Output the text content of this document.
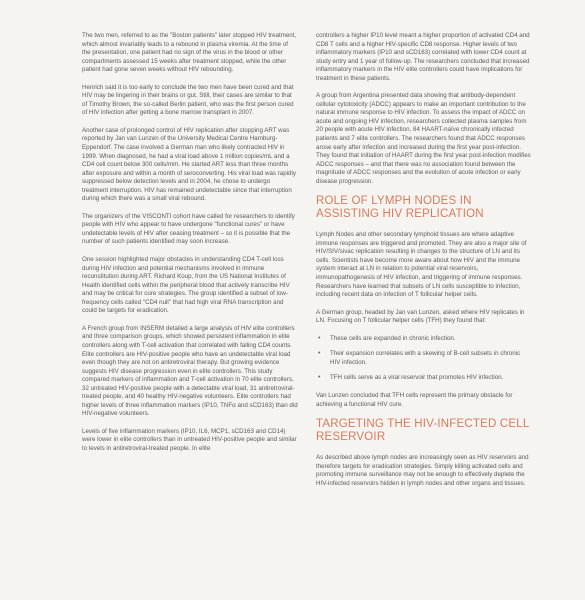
The two men, referred to as the "Boston patients" later stopped HIV treatment, which almost invariably leads to a rebound in plasma viremia. At the time of the presentation, one patient had no sign of the virus in the blood or other compartments assessed 15 weeks after treatment stopped, while the other patient had gone seven weeks without HIV rebounding.

Henrich said it is too early to conclude the two men have been cured and that HIV may be lingering in their brains or gut. Still, their cases are similar to that of Timothy Brown, the so-called Berlin patient, who was the first person cured of HIV infection after getting a bone marrow transplant in 2007.

Another case of prolonged control of HIV replication after stopping ART was reported by Jan van Lunzen of the University Medical Centre Hamburg-Eppendorf. The case involved a German man who likely contracted HIV in 1999. When diagnosed, he had a viral load above 1 million copies/mL and a CD4 cell count below 300 cells/mm. He started ART less than three months after exposure and within a month of seroconverting. His viral load was rapidly suppressed below detection levels and in 2004, he chose to undergo treatment interruption. HIV has remained undetectable since that interruption during which there was a small viral rebound.

The organizers of the VISCONTI cohort have called for researchers to identify people with HIV who appear to have undergone "functional cures" or have undetectable levels of HIV after ceasing treatment – so it is possible that the number of such patients identified may soon increase.

One session highlighted major obstacles in understanding CD4 T-cell loss during HIV infection and potential mechanisms involved in immune reconstitution during ART. Richard Koup, from the US National Institutes of Health identified cells within the peripheral blood that actively transcribe HIV and may be critical for cure strategies. The group identified a subset of low-frequency cells called "CD4 null" that had high viral RNA transcription and could be targets for eradication.

A French group from INSERM detailed a large analysis of HIV elite controllers and three comparison groups, which showed persistent inflammation in elite controllers along with T-cell activation that correlated with falling CD4 counts. Elite controllers are HIV-positive people who have an undetectable viral load even though they are not on antiretroviral therapy. But growing evidence suggests HIV disease progression even in elite controllers. This study compared markers of inflammation and T-cell activation in 70 elite controllers, 32 untreated HIV-positive people with a detectable viral load, 31 antiretroviral-treated people, and 40 healthy HIV-negative volunteers. Elite controllers had higher levels of three inflammation markers (IP10, TNFα and sCD163) than did HIV-negative volunteers.

Levels of five inflammation markers (IP10, IL6, MCP1, sCD163 and CD14) were lower in elite controllers than in untreated HIV-positive people and similar to levels in antiretroviral-treated people. In elite

controllers a higher IP10 level meant a higher proportion of activated CD4 and CD8 T cells and a higher HIV-specific CD8 response. Higher levels of two inflammatory markers (IP10 and sCD163) correlated with lower CD4 count at study entry and 1 year of follow-up. The researchers concluded that increased inflammatory markers in the HIV elite controllers could have implications for treatment in these patients.

A group from Argentina presented data showing that antibody-dependent cellular cytotoxicity (ADCC) appears to make an important contribution to the natural immune response to HIV infection. To assess the impact of ADCC on acute and ongoing HIV infection, researchers collected plasma samples from 20 people with acute HIV infection, 84 HAART-naïve chronically infected patients and 7 elite controllers. The researchers found that ADCC responses arose early after infection and increased during the first year post-infection. They found that initiation of HAART during the first year post-infection modifies ADCC responses – and that there was no association found between the magnitude of ADCC responses and the evolution of acute infection or early disease progression.

ROLE OF LYMPH NODES IN ASSISTING HIV REPLICATION

Lymph Nodes and other secondary lymphoid tissues are where adaptive immune responses are triggered and promoted. They are also a major site of HIV/SIV/sivac replication resulting in changes to the structure of LN and its cells. Scientists have become more aware about how HIV and the immune system interact at LN in relation to potential viral reservoirs, immunopathogenesis of HIV infection, and triggering of immune responses. Researchers have learned that subsets of LN cells susceptible to infection, including recent data on infection of T follicular helper cells.

A German group, headed by Jan van Lunzen, asked where HIV replicates in LN. Focusing on T follicular helper cells (TFH) they found that:

• These cells are expanded in chronic infection.
• Their expansion correlates with a skewing of B-cell subsets in chronic HIV infection.
• TFH cells serve as a viral reservoir that promotes HIV infection.

Van Lunzen concluded that TFH cells represent the primary obstacle for achieving a functional HIV cure.

TARGETING THE HIV-INFECTED CELL RESERVOIR

As described above lymph nodes are increasingly seen as HIV reservoirs and therefore targets for eradication strategies. Simply killing activated cells and promoting immune surveillance may not be enough to effectively deplete the HIV-infected reservoirs hidden in lymph nodes and other organs and tissues.
